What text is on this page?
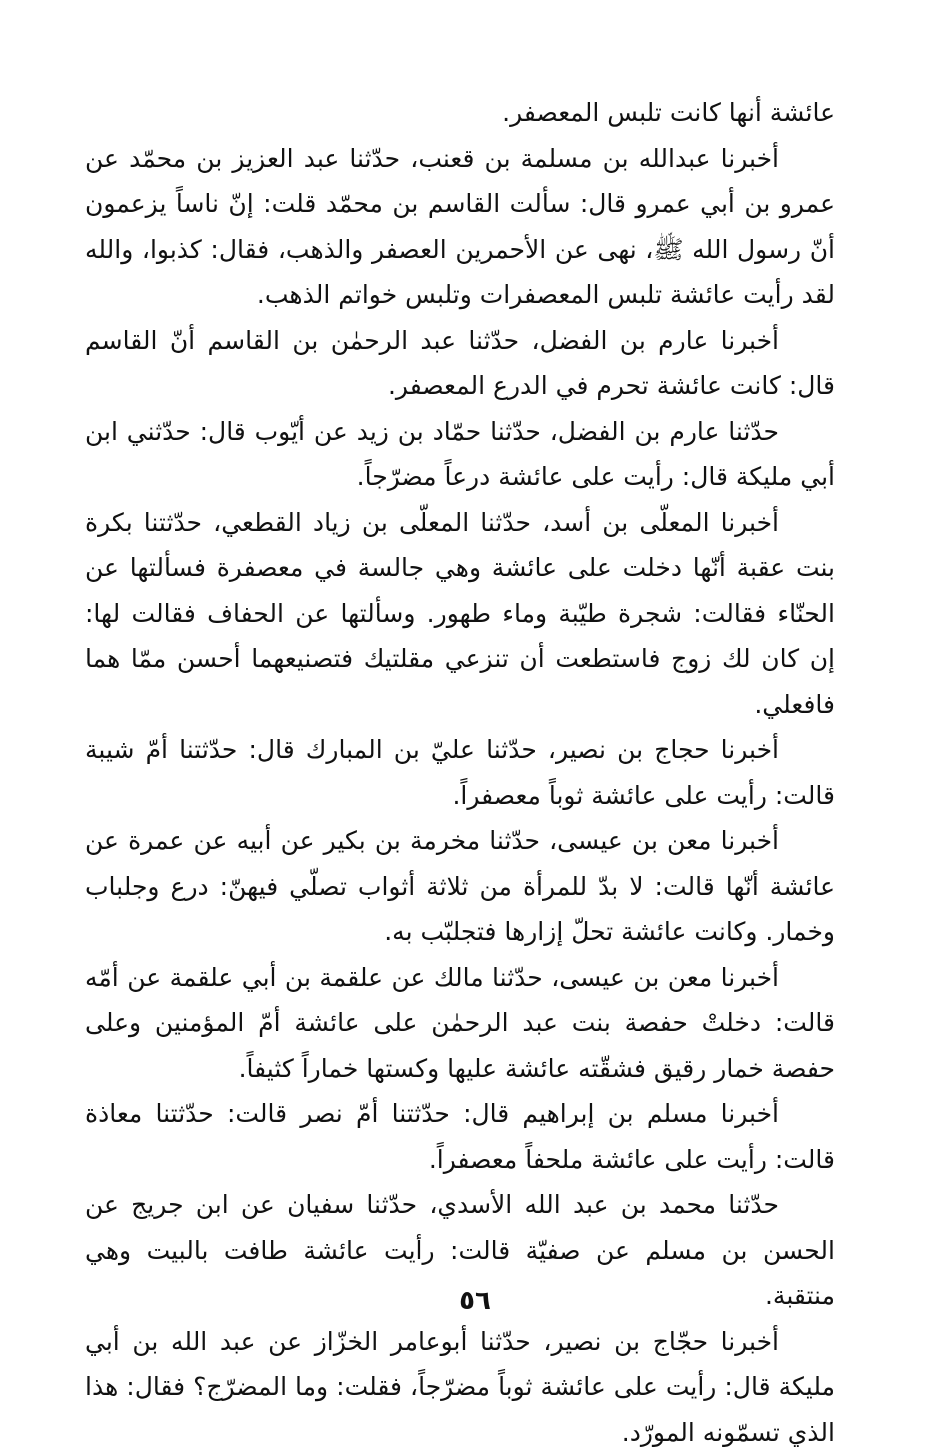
عائشة أنها كانت تلبس المعصفر.

أخبرنا عبدالله بن مسلمة بن قعنب، حدّثنا عبد العزيز بن محمّد عن عمرو بن أبي عمرو قال: سألت القاسم بن محمّد قلت: إنّ ناساً يزعمون أنّ رسول الله ﷺ، نهى عن الأحمرين العصفر والذهب، فقال: كذبوا، والله لقد رأيت عائشة تلبس المعصفرات وتلبس خواتم الذهب.

أخبرنا عارم بن الفضل، حدّثنا عبد الرحمٰن بن القاسم أنّ القاسم قال: كانت عائشة تحرم في الدرع المعصفر.

حدّثنا عارم بن الفضل، حدّثنا حمّاد بن زيد عن أيّوب قال: حدّثني ابن أبي مليكة قال: رأيت على عائشة درعاً مضرّجاً.

أخبرنا المعلّى بن أسد، حدّثنا المعلّى بن زياد القطعي، حدّثتنا بكرة بنت عقبة أنّها دخلت على عائشة وهي جالسة في معصفرة فسألتها عن الحنّاء فقالت: شجرة طيّبة وماء طهور. وسألتها عن الحفاف فقالت لها: إن كان لك زوج فاستطعت أن تنزعي مقلتيك فتصنيعهما أحسن ممّا هما فافعلي.

أخبرنا حجاج بن نصير، حدّثنا عليّ بن المبارك قال: حدّثتنا أمّ شيبة قالت: رأيت على عائشة ثوباً معصفراً.

أخبرنا معن بن عيسى، حدّثنا مخرمة بن بكير عن أبيه عن عمرة عن عائشة أنّها قالت: لا بدّ للمرأة من ثلاثة أثواب تصلّي فيهنّ: درع وجلباب وخمار. وكانت عائشة تحلّ إزارها فتجلبّب به.

أخبرنا معن بن عيسى، حدّثنا مالك عن علقمة بن أبي علقمة عن أمّه قالت: دخلتْ حفصة بنت عبد الرحمٰن على عائشة أمّ المؤمنين وعلى حفصة خمار رقيق فشقّته عائشة عليها وكستها خماراً كثيفاً.

أخبرنا مسلم بن إبراهيم قال: حدّثتنا أمّ نصر قالت: حدّثتنا معاذة قالت: رأيت على عائشة ملحفاً معصفراً.

حدّثنا محمد بن عبد الله الأسدي، حدّثنا سفيان عن ابن جريج عن الحسن بن مسلم عن صفيّة قالت: رأيت عائشة طافت بالبيت وهي منتقبة.

أخبرنا حجّاج بن نصير، حدّثنا أبوعامر الخزّاز عن عبد الله بن أبي مليكة قال: رأيت على عائشة ثوباً مضرّجاً، فقلت: وما المضرّج؟ فقال: هذا الذي تسمّونه المورّد.

٥٦
